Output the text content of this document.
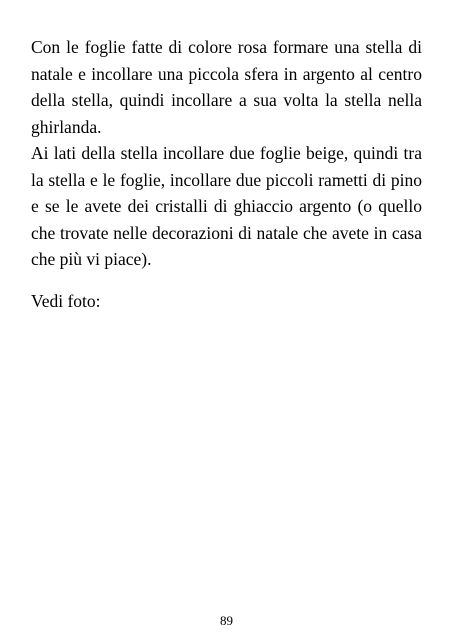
Con le foglie fatte di colore rosa formare una stella di natale e incollare una piccola sfera in argento al centro della stella, quindi incollare a sua volta la stella nella ghirlanda.

Ai lati della stella incollare due foglie beige, quindi tra la stella e le foglie, incollare due piccoli rametti di pino e se le avete dei cristalli di ghiaccio argento (o quello che trovate nelle decorazioni di natale che avete in casa che più vi piace).

Vedi foto:

89
